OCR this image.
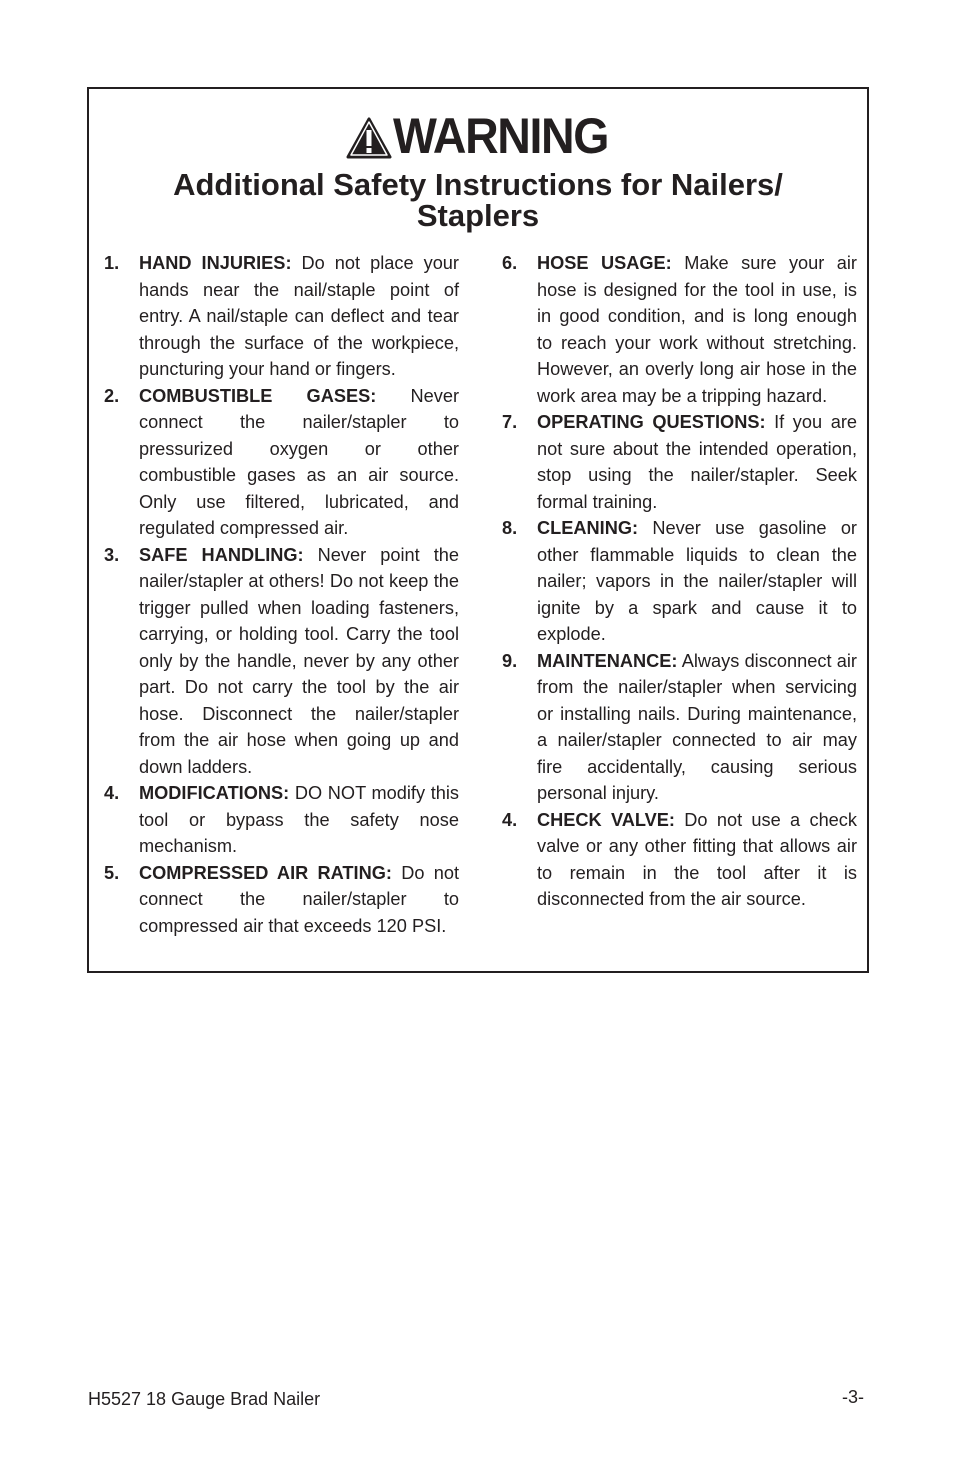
WARNING
Additional Safety Instructions for Nailers/
Staplers
1. HAND INJURIES: Do not place your hands near the nail/staple point of entry. A nail/staple can deflect and tear through the surface of the workpiece, puncturing your hand or fingers.
2. COMBUSTIBLE GASES: Never connect the nailer/stapler to pressurized oxygen or other combustible gases as an air source. Only use filtered, lubricated, and regulated compressed air.
3. SAFE HANDLING: Never point the nailer/stapler at others! Do not keep the trigger pulled when loading fasteners, carrying, or holding tool. Carry the tool only by the handle, never by any other part. Do not carry the tool by the air hose. Disconnect the nailer/stapler from the air hose when going up and down ladders.
4. MODIFICATIONS: DO NOT modify this tool or bypass the safety nose mechanism.
5. COMPRESSED AIR RATING: Do not connect the nailer/stapler to compressed air that exceeds 120 PSI.
6. HOSE USAGE: Make sure your air hose is designed for the tool in use, is in good condition, and is long enough to reach your work without stretching. However, an overly long air hose in the work area may be a tripping hazard.
7. OPERATING QUESTIONS: If you are not sure about the intended operation, stop using the nailer/stapler. Seek formal training.
8. CLEANING: Never use gasoline or other flammable liquids to clean the nailer; vapors in the nailer/stapler will ignite by a spark and cause it to explode.
9. MAINTENANCE: Always disconnect air from the nailer/stapler when servicing or installing nails. During maintenance, a nailer/stapler connected to air may fire accidentally, causing serious personal injury.
4. CHECK VALVE: Do not use a check valve or any other fitting that allows air to remain in the tool after it is disconnected from the air source.
H5527 18 Gauge Brad Nailer	-3-
